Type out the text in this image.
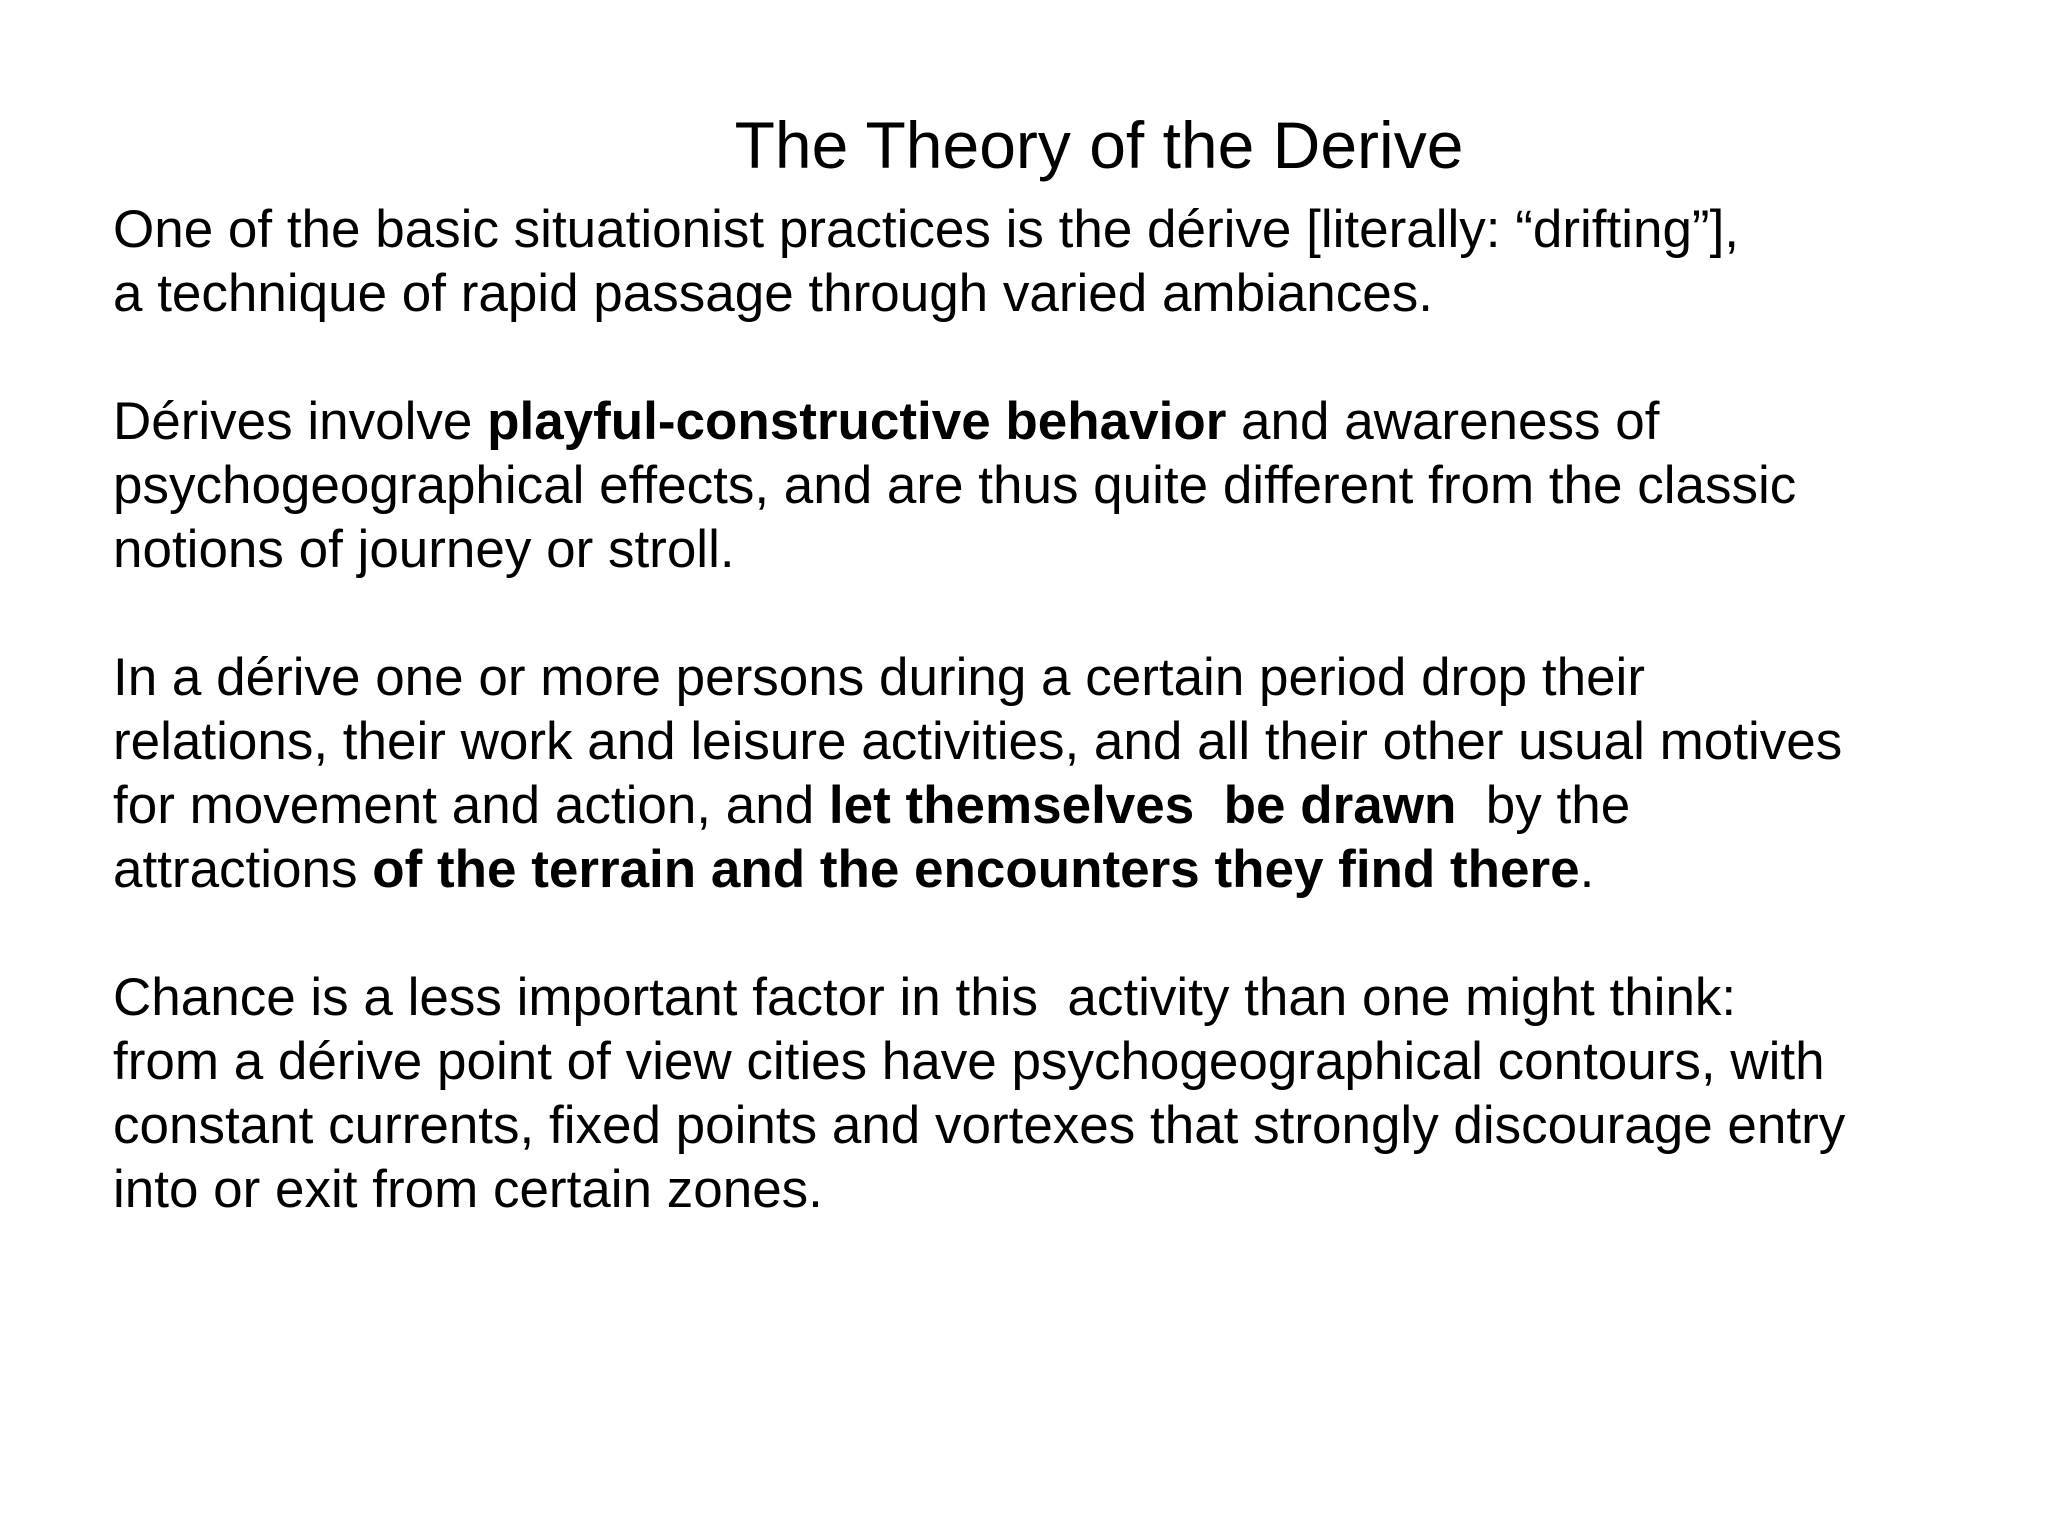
The Theory of the Derive

One of the basic situationist practices is the dérive [literally: “drifting”],
a technique of rapid passage through varied ambiances.

Dérives involve playful-constructive behavior and awareness of
psychogeographical effects, and are thus quite different from the classic
notions of journey or stroll.

In a dérive one or more persons during a certain period drop their
relations, their work and leisure activities, and all their other usual motives
for movement and action, and let themselves  be drawn  by the
attractions of the terrain and the encounters they find there.

Chance is a less important factor in this  activity than one might think:
from a dérive point of view cities have psychogeographical contours, with
constant currents, fixed points and vortexes that strongly discourage entry
into or exit from certain zones.
